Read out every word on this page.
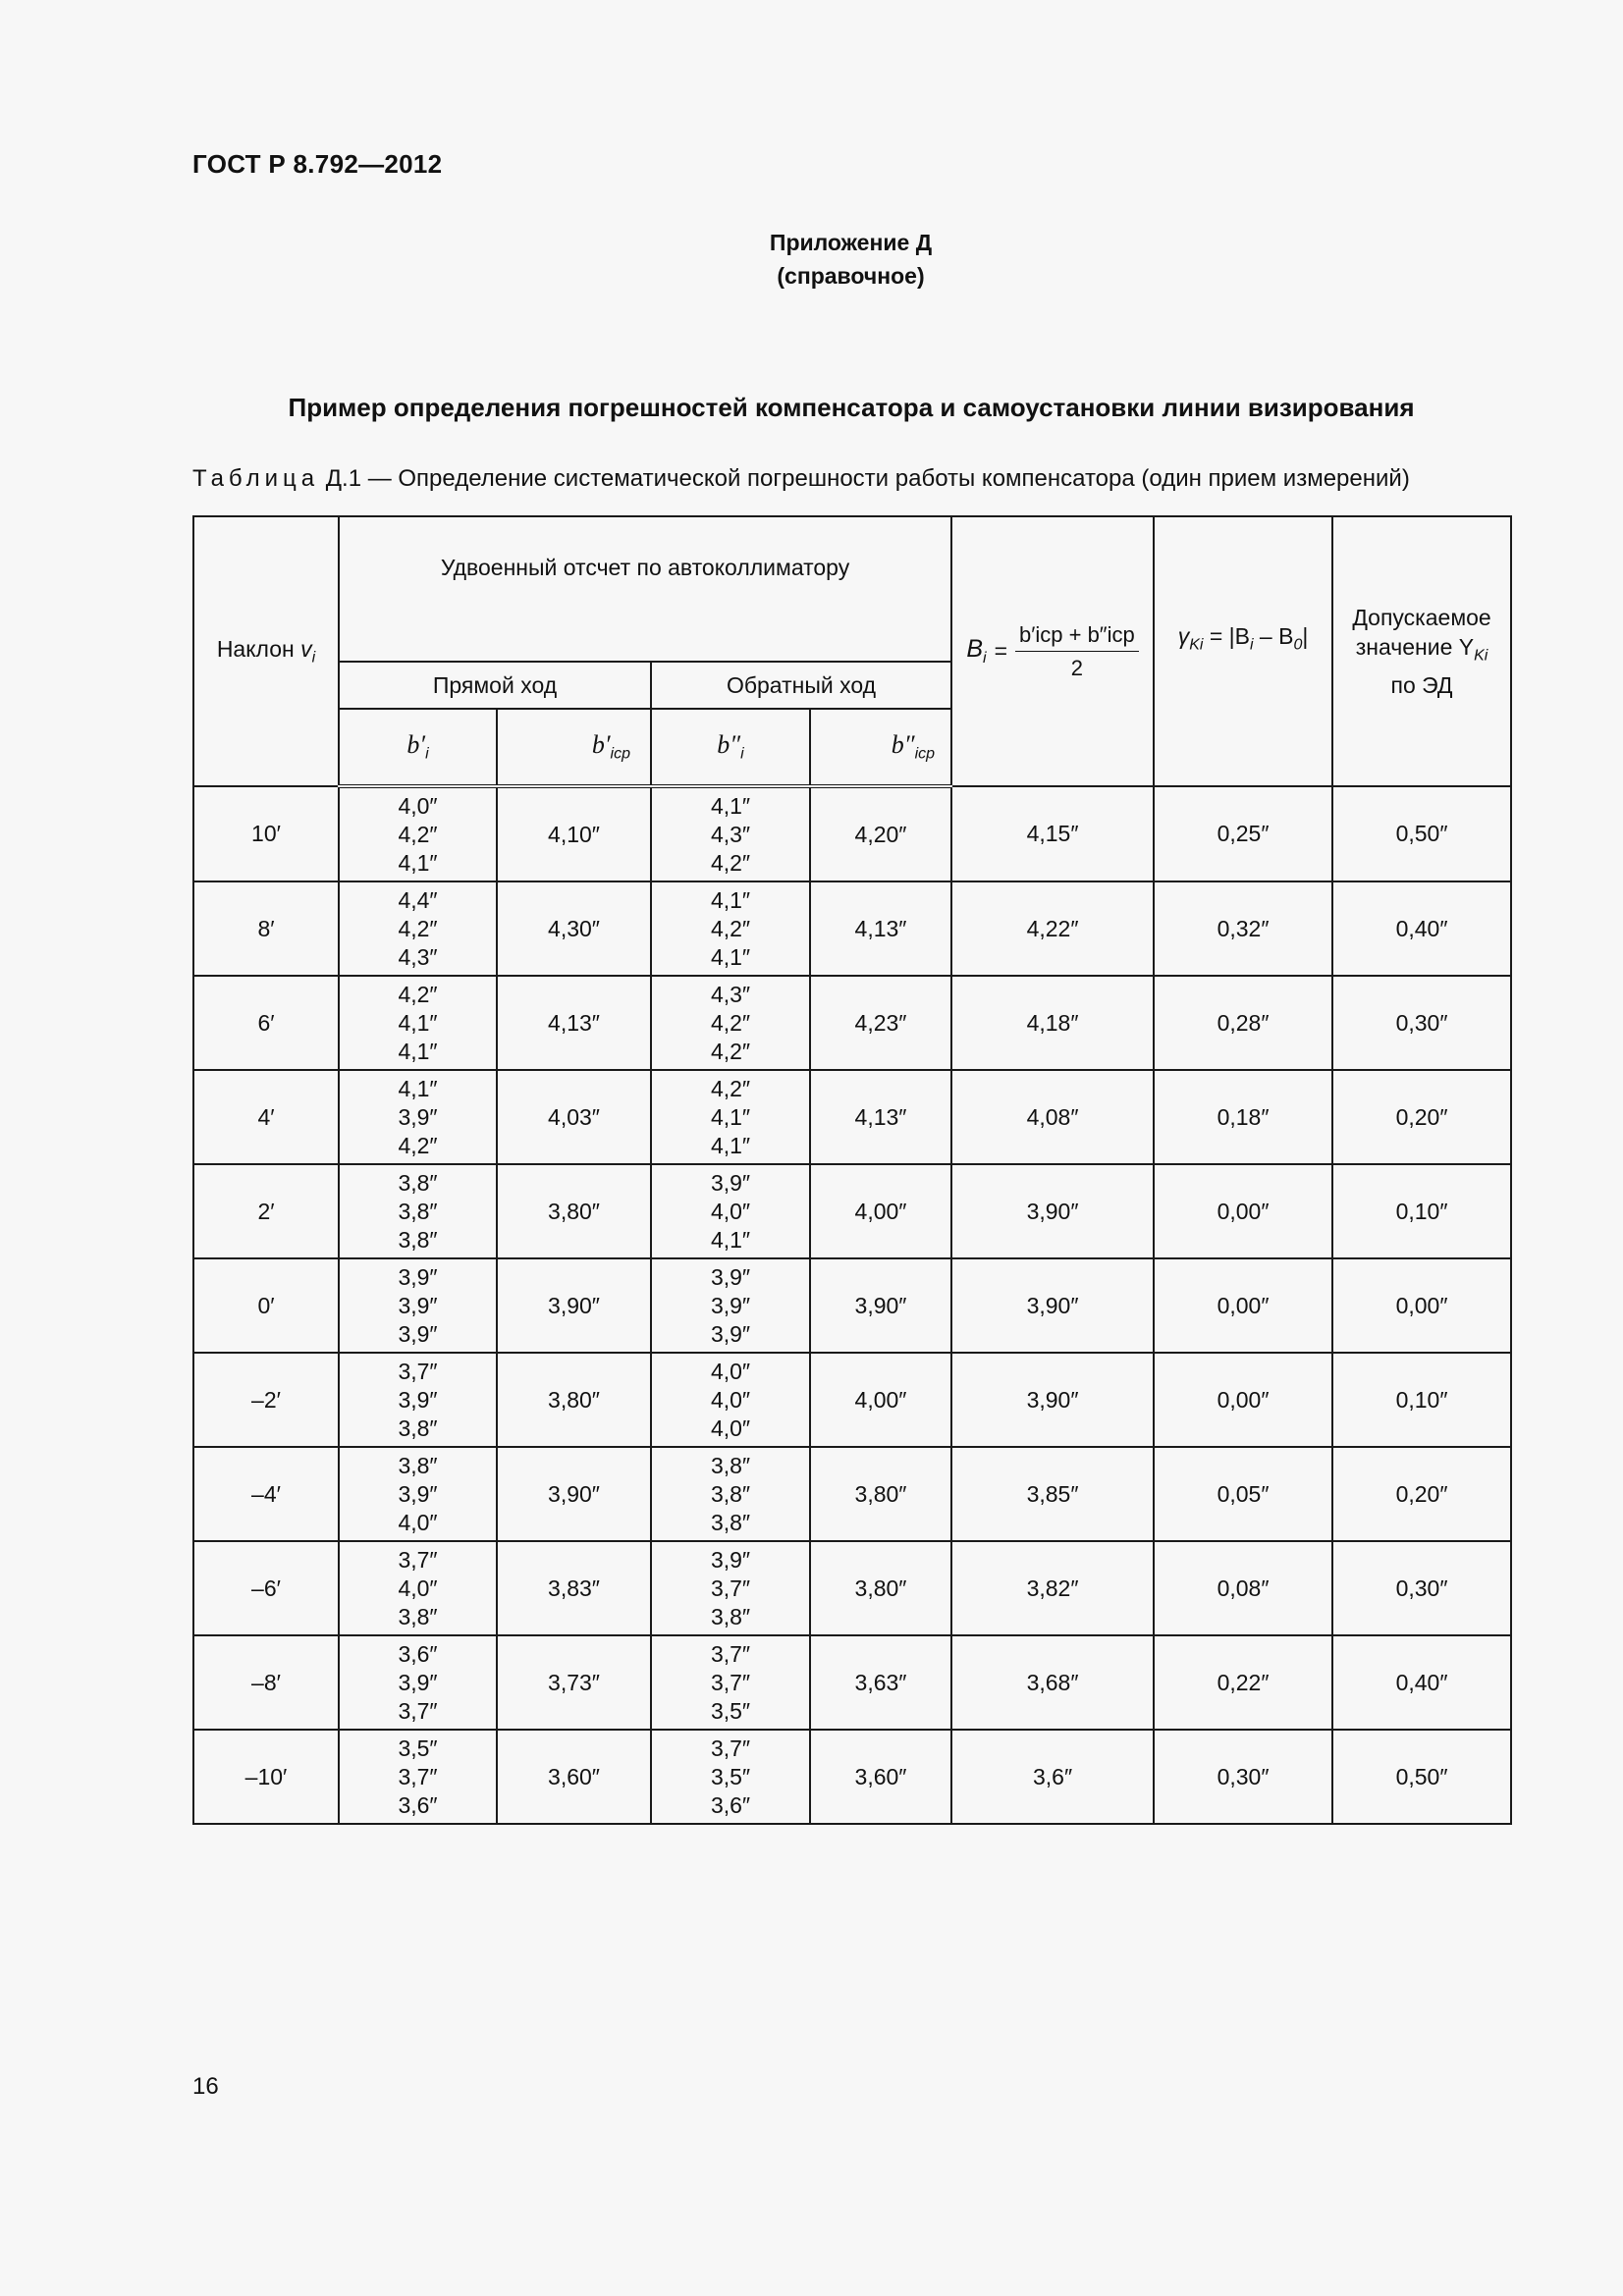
ГОСТ Р 8.792—2012
Приложение Д
(справочное)
Пример определения погрешностей компенсатора и самоустановки линии визирования
Таблица Д.1 — Определение систематической погрешности работы компенсатора (один прием измерений)
Наклон $v_i$	Удвоенный отсчет по автоколлиматору				$B_i = \frac{\text{b′iср + b″iср}}{2}$	$\gamma_{Ki} = |B_i - B_0|$	Допускаемое
значение $Y_{Ki}$
по ЭД
	Прямой ход		Обратный ход				
	$b'_i$	$b'_{iср}$	$b''_i$	$b''_{iср}$
10′	4,0″
4,2″
4,1″	4,10″	4,1″
4,3″
4,2″	4,20″	4,15″	0,25″	0,50″
8′	4,4″
4,2″
4,3″	4,30″	4,1″
4,2″
4,1″	4,13″	4,22″	0,32″	0,40″
6′	4,2″
4,1″
4,1″	4,13″	4,3″
4,2″
4,2″	4,23″	4,18″	0,28″	0,30″
4′	4,1″
3,9″
4,2″	4,03″	4,2″
4,1″
4,1″	4,13″	4,08″	0,18″	0,20″
2′	3,8″
3,8″
3,8″	3,80″	3,9″
4,0″
4,1″	4,00″	3,90″	0,00″	0,10″
0′	3,9″
3,9″
3,9″	3,90″	3,9″
3,9″
3,9″	3,90″	3,90″	0,00″	0,00″
–2′	3,7″
3,9″
3,8″	3,80″	4,0″
4,0″
4,0″	4,00″	3,90″	0,00″	0,10″
–4′	3,8″
3,9″
4,0″	3,90″	3,8″
3,8″
3,8″	3,80″	3,85″	0,05″	0,20″
–6′	3,7″
4,0″
3,8″	3,83″	3,9″
3,7″
3,8″	3,80″	3,82″	0,08″	0,30″
–8′	3,6″
3,9″
3,7″	3,73″	3,7″
3,7″
3,5″	3,63″	3,68″	0,22″	0,40″
–10′	3,5″
3,7″
3,6″	3,60″	3,7″
3,5″
3,6″	3,60″	3,6″	0,30″	0,50″
16
